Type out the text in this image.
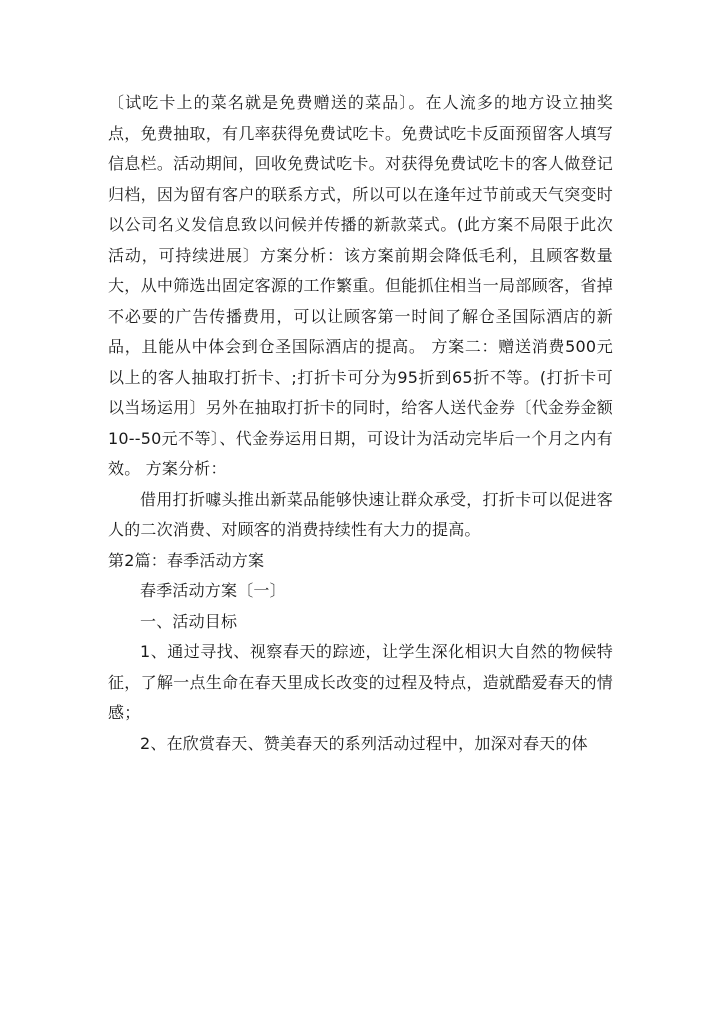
〔试吃卡上的菜名就是免费赠送的菜品〕。在人流多的地方设立抽奖点，免费抽取，有几率获得免费试吃卡。免费试吃卡反面预留客人填写信息栏。活动期间，回收免费试吃卡。对获得免费试吃卡的客人做登记归档，因为留有客户的联系方式，所以可以在逢年过节前或天气突变时以公司名义发信息致以问候并传播的新款菜式。(此方案不局限于此次活动，可持续进展〕方案分析：该方案前期会降低毛利，且顾客数量大，从中筛选出固定客源的工作繁重。但能抓住相当一局部顾客，省掉不必要的广告传播费用，可以让顾客第一时间了解仓圣国际酒店的新品，且能从中体会到仓圣国际酒店的提高。 方案二：赠送消费500元以上的客人抽取打折卡、;打折卡可分为95折到65折不等。(打折卡可以当场运用〕另外在抽取打折卡的同时，给客人送代金券〔代金券金额10--50元不等〕、代金券运用日期，可设计为活动完毕后一个月之内有效。 方案分析：

借用打折噱头推出新菜品能够快速让群众承受，打折卡可以促进客人的二次消费、对顾客的消费持续性有大力的提高。

第2篇：春季活动方案

春季活动方案〔一〕

一、活动目标

1、通过寻找、视察春天的踪迹，让学生深化相识大自然的物候特征，了解一点生命在春天里成长改变的过程及特点，造就酷爱春天的情感；

2、在欣赏春天、赞美春天的系列活动过程中，加深对春天的体
